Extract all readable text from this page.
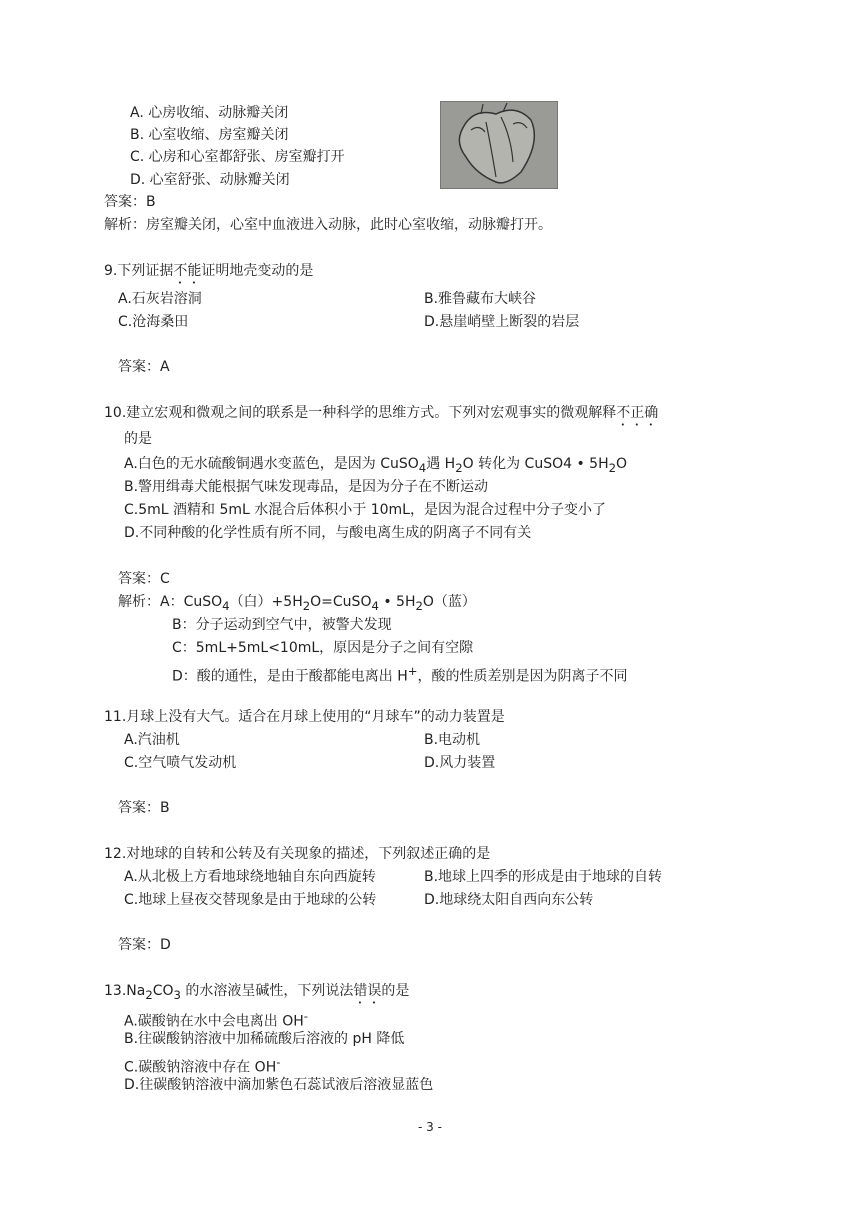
A. 心房收缩、动脉瓣关闭
B. 心室收缩、房室瓣关闭
C. 心房和心室都舒张、房室瓣打开
D. 心室舒张、动脉瓣关闭
答案：B
解析：房室瓣关闭，心室中血液进入动脉，此时心室收缩，动脉瓣打开。
9.下列证据不能证明地壳变动的是
A.石灰岩溶洞	B.雅鲁藏布大峡谷
C.沧海桑田	D.悬崖峭壁上断裂的岩层
答案：A
10.建立宏观和微观之间的联系是一种科学的思维方式。下列对宏观事实的微观解释不正确
的是
A.白色的无水硫酸铜遇水变蓝色，是因为 CuSO$_4$遇 $H_2O$ 转化为 CuSO4 • $5H_2O$
B.警用缉毒犬能根据气味发现毒品，是因为分子在不断运动
C.5mL 酒精和 5mL 水混合后体积小于 10mL，是因为混合过程中分子变小了
D.不同种酸的化学性质有所不同，与酸电离生成的阴离子不同有关
答案：C
解析：A：CuSO$_4$（白）$+5H_2O=CuSO_4$ • $5H_2O$（蓝）
B：分子运动到空气中，被警犬发现
C：5mL+5mL<10mL，原因是分子之间有空隙
D：酸的通性，是由于酸都能电离出 H+，酸的性质差别是因为阴离子不同
11.月球上没有大气。适合在月球上使用的“月球车”的动力装置是
A.汽油机	B.电动机
C.空气喷气发动机	D.风力装置
答案：B
12.对地球的自转和公转及有关现象的描述，下列叙述正确的是
A.从北极上方看地球绕地轴自东向西旋转	B.地球上四季的形成是由于地球的自转
C.地球上昼夜交替现象是由于地球的公转	D.地球绕太阳自西向东公转
答案：D
$13.Na_2CO_3$ 的水溶液呈碱性，下列说法错误的是
A.碳酸钠在水中会电离出 OH-
B.往碳酸钠溶液中加稀硫酸后溶液的 pH 降低
C.碳酸钠溶液中存在 OH-
D.往碳酸钠溶液中滴加紫色石蕊试液后溶液显蓝色
- 3 -
